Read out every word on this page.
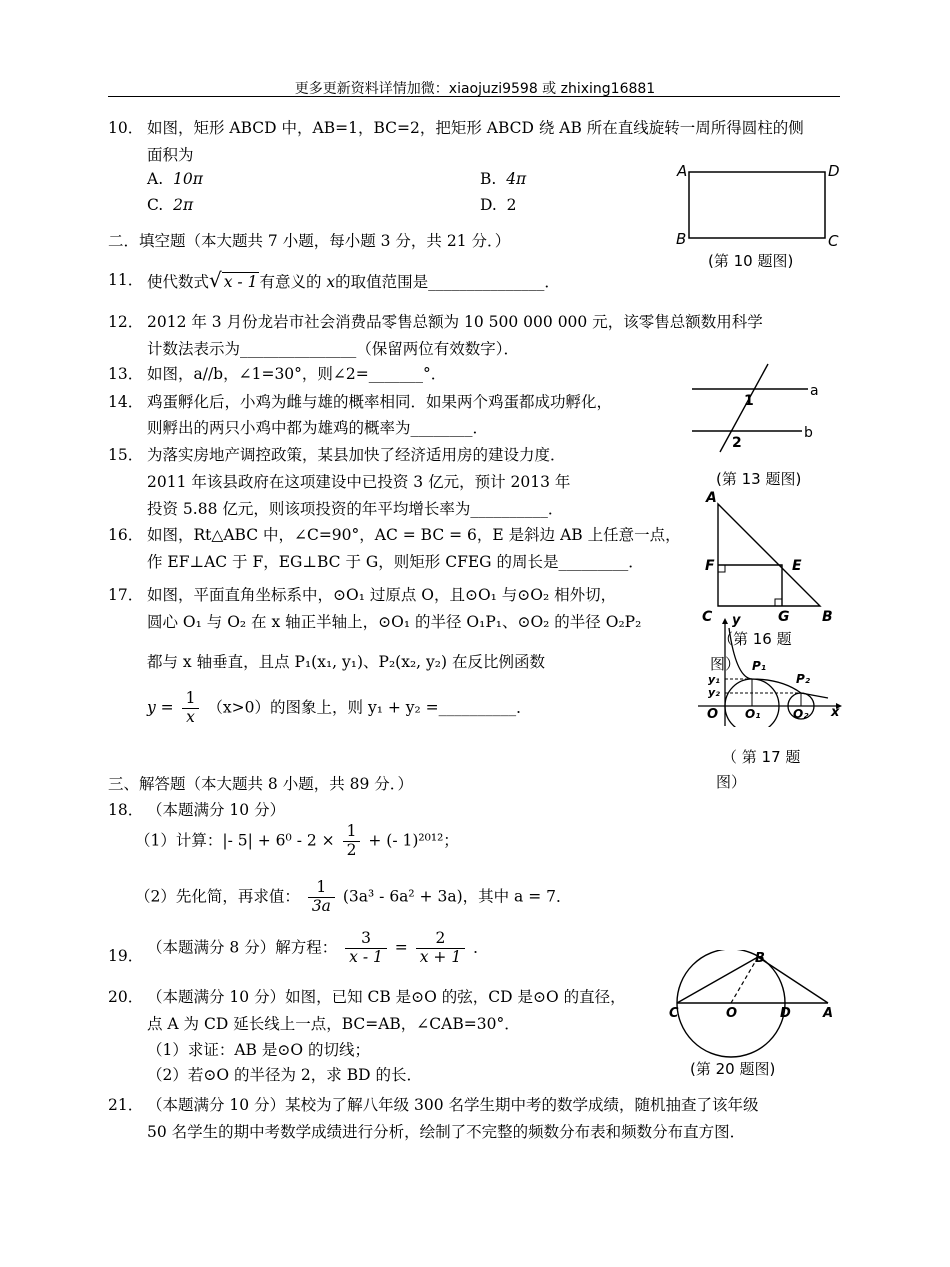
更多更新资料详情加微：xiaojuzi9598 或 zhixing16881
10． 如图，矩形 ABCD 中，AB=1，BC=2，把矩形 ABCD 绕 AB 所在直线旋转一周所得圆柱的侧
面积为
A. 10π	B. 4π
C. 2π	D. 2
A	D
B	C
(第 10 题图)
二．填空题（本大题共 7 小题，每小题 3 分，共 21 分．）
11． 使代数式√ x - 1 有意义的 x的取值范围是_______________．
12． 2012 年 3 月份龙岩市社会消费品零售总额为 10 500 000 000 元，该零售总额数用科学
计数法表示为_______________（保留两位有效数字）．
13． 如图，a//b，∠1=30°，则∠2=_______°．
a
b
1
2
(第 13 题图)
14． 鸡蛋孵化后，小鸡为雌与雄的概率相同．如果两个鸡蛋都成功孵化，
则孵出的两只小鸡中都为雄鸡的概率为________．
15． 为落实房地产调控政策，某县加快了经济适用房的建设力度．
2011 年该县政府在这项建设中已投资 3 亿元，预计 2013 年
投资 5.88 亿元，则该项投资的年平均增长率为__________．
16． 如图，Rt△ABC 中，∠C=90°，AC = BC = 6，E 是斜边 AB 上任意一点，
作 EF⊥AC 于 F，EG⊥BC 于 G，则矩形 CFEG 的周长是_________．
A
F	E
C	G B
（第 16 题
图）
17． 如图，平面直角坐标系中，⊙O₁ 过原点 O，且⊙O₁ 与⊙O₂ 相外切，
圆心 O₁ 与 O₂ 在 x 轴正半轴上，⊙O₁ 的半径 O₁P₁、⊙O₂ 的半径 O₂P₂
都与 x 轴垂直，且点 P₁(x₁, y₁)、P₂(x₂, y₂) 在反比例函数
$y = \frac{1}{x} (x>0)$的图象上，则 y₁ + y₂ =__________．
y
x
O O₁	O₂
P₁
P₂
y₁
y₂
（ 第 17 题
图）
三、解答题（本大题共 8 小题，共 89 分．）
18． （本题满分 10 分）
（1）计算：|- $5| + 6^0 - 2 \times \frac{1}{2}$ + (- 1)²⁰¹²；
（2）先化简，再求值： $\frac{1}{3a} (3a^3 - 6a^2 + 3a)$，其中 a = 7．
19． （本题满分 8 分）解方程： $\frac{3}{x - 1} = \frac{2}{x + 1}$ ．
20． （本题满分 10 分）如图，已知 CB 是⊙O 的弦，CD 是⊙O 的直径，
点 A 为 CD 延长线上一点，BC=AB，∠CAB=30°．
（1）求证：AB 是⊙O 的切线；
（2）若⊙O 的半径为 2，求 BD 的长．
B
C	O	D A
(第 20 题图)
21． （本题满分 10 分）某校为了解八年级 300 名学生期中考的数学成绩，随机抽查了该年级
50 名学生的期中考数学成绩进行分析，绘制了不完整的频数分布表和频数分布直方图．
